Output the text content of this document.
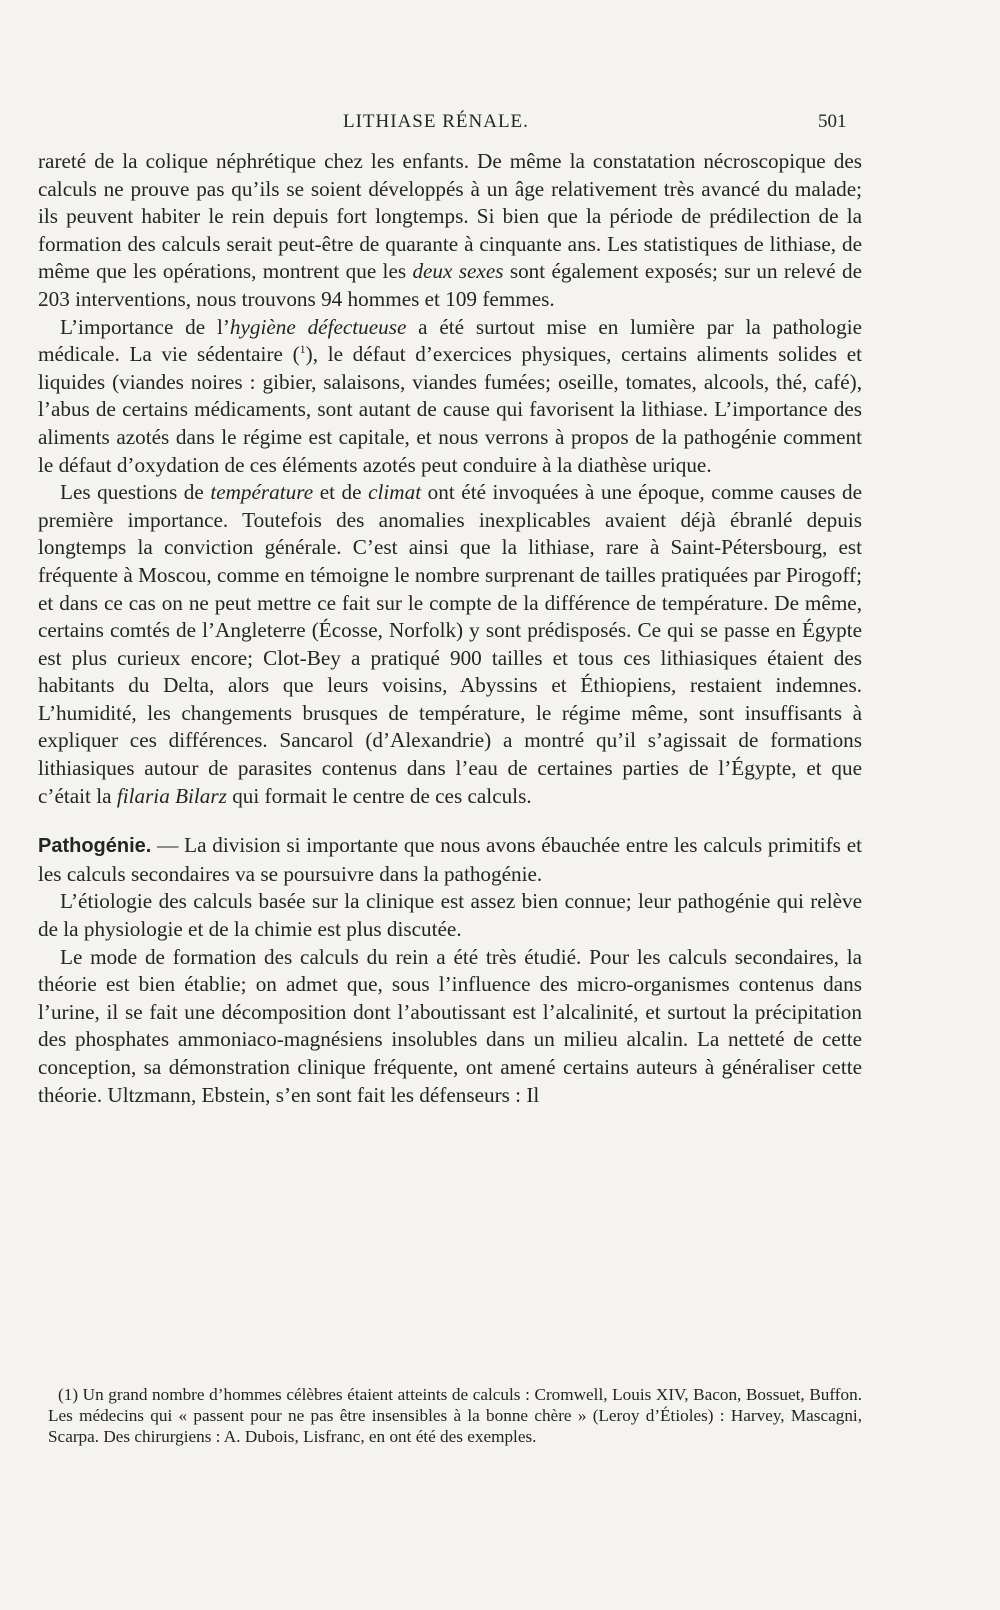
LITHIASE RÉNALE.	501

rareté de la colique néphrétique chez les enfants. De même la constatation nécroscopique des calculs ne prouve pas qu’ils se soient développés à un âge relativement très avancé du malade; ils peuvent habiter le rein depuis fort longtemps. Si bien que la période de prédilection de la formation des calculs serait peut-être de quarante à cinquante ans. Les statistiques de lithiase, de même que les opérations, montrent que les deux sexes sont également exposés; sur un relevé de 203 interventions, nous trouvons 94 hommes et 109 femmes.

L’importance de l’hygiène défectueuse a été surtout mise en lumière par la pathologie médicale. La vie sédentaire ($^1$), le défaut d’exercices physiques, certains aliments solides et liquides (viandes noires : gibier, salaisons, viandes fumées; oseille, tomates, alcools, thé, café), l’abus de certains médicaments, sont autant de cause qui favorisent la lithiase. L’importance des aliments azotés dans le régime est capitale, et nous verrons à propos de la pathogénie comment le défaut d’oxydation de ces éléments azotés peut conduire à la diathèse urique.

Les questions de température et de climat ont été invoquées à une époque, comme causes de première importance. Toutefois des anomalies inexplicables avaient déjà ébranlé depuis longtemps la conviction générale. C’est ainsi que la lithiase, rare à Saint-Pétersbourg, est fréquente à Moscou, comme en témoigne le nombre surprenant de tailles pratiquées par Pirogoff; et dans ce cas on ne peut mettre ce fait sur le compte de la différence de température. De même, certains comtés de l’Angleterre (Écosse, Norfolk) y sont prédisposés. Ce qui se passe en Égypte est plus curieux encore; Clot-Bey a pratiqué 900 tailles et tous ces lithiasiques étaient des habitants du Delta, alors que leurs voisins, Abyssins et Éthiopiens, restaient indemnes. L’humidité, les changements brusques de température, le régime même, sont insuffisants à expliquer ces différences. Sancarol (d’Alexandrie) a montré qu’il s’agissait de formations lithiasiques autour de parasites contenus dans l’eau de certaines parties de l’Égypte, et que c’était la filaria Bilarz qui formait le centre de ces calculs.

Pathogénie. — La division si importante que nous avons ébauchée entre les calculs primitifs et les calculs secondaires va se poursuivre dans la pathogénie.

L’étiologie des calculs basée sur la clinique est assez bien connue; leur pathogénie qui relève de la physiologie et de la chimie est plus discutée.

Le mode de formation des calculs du rein a été très étudié. Pour les calculs secondaires, la théorie est bien établie; on admet que, sous l’influence des micro-organismes contenus dans l’urine, il se fait une décomposition dont l’aboutissant est l’alcalinité, et surtout la précipitation des phosphates ammoniaco-magnésiens insolubles dans un milieu alcalin. La netteté de cette conception, sa démonstration clinique fréquente, ont amené certains auteurs à généraliser cette théorie. Ultzmann, Ebstein, s’en sont fait les défenseurs : Il

(1) Un grand nombre d’hommes célèbres étaient atteints de calculs : Cromwell, Louis XIV, Bacon, Bossuet, Buffon. Les médecins qui « passent pour ne pas être insensibles à la bonne chère » (Leroy d’Étioles) : Harvey, Mascagni, Scarpa. Des chirurgiens : A. Dubois, Lisfranc, en ont été des exemples.
